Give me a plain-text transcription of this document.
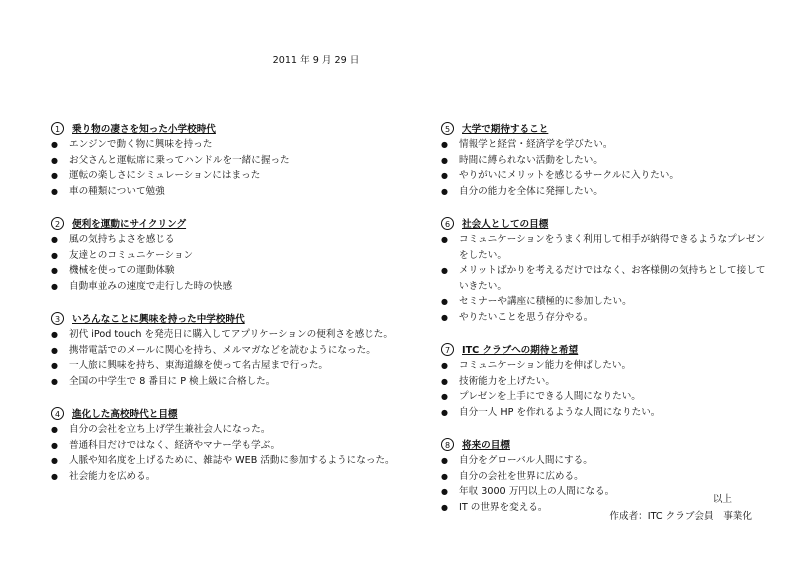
2011 年 9 月 29 日
1	乗り物の凄さを知った小学校時代
●	エンジンで動く物に興味を持った
●	お父さんと運転席に乗ってハンドルを一緒に握った
●	運転の楽しさにシミュレーションにはまった
●	車の種類について勉強
2	便利を運動にサイクリング
●	風の気持ちよさを感じる
●	友達とのコミュニケーション
●	機械を使っての運動体験
●	自動車並みの速度で走行した時の快感
3	いろんなことに興味を持った中学校時代
●	初代 iPod touch を発売日に購入してアプリケーションの便利さを感じた。
●	携帯電話でのメールに関心を持ち、メルマガなどを読むようになった。
●	一人旅に興味を持ち、東海道線を使って名古屋まで行った。
●	全国の中学生で 8 番目に P 検上級に合格した。
4	進化した高校時代と目標
●	自分の会社を立ち上げ学生兼社会人になった。
●	普通科目だけではなく、経済やマナー学も学ぶ。
●	人脈や知名度を上げるために、雑誌や WEB 活動に参加するようになった。
●	社会能力を広める。
5	大学で期待すること
●	情報学と経営・経済学を学びたい。
●	時間に縛られない活動をしたい。
●	やりがいにメリットを感じるサークルに入りたい。
●	自分の能力を全体に発揮したい。
6	社会人としての目標
●	コミュニケーションをうまく利用して相手が納得できるようなプレゼンをしたい。
●	メリットばかりを考えるだけではなく、お客様側の気持ちとして接していきたい。
●	セミナーや講座に積極的に参加したい。
●	やりたいことを思う存分やる。
7	ITC クラブへの期待と希望
●	コミュニケーション能力を伸ばしたい。
●	技術能力を上げたい。
●	プレゼンを上手にできる人間になりたい。
●	自分一人 HP を作れるような人間になりたい。
8	将来の目標
●	自分をグローバル人間にする。
●	自分の会社を世界に広める。
●	年収 3000 万円以上の人間になる。
●	IT の世界を変える。
以上
作成者：ITC クラブ会員　事業化
